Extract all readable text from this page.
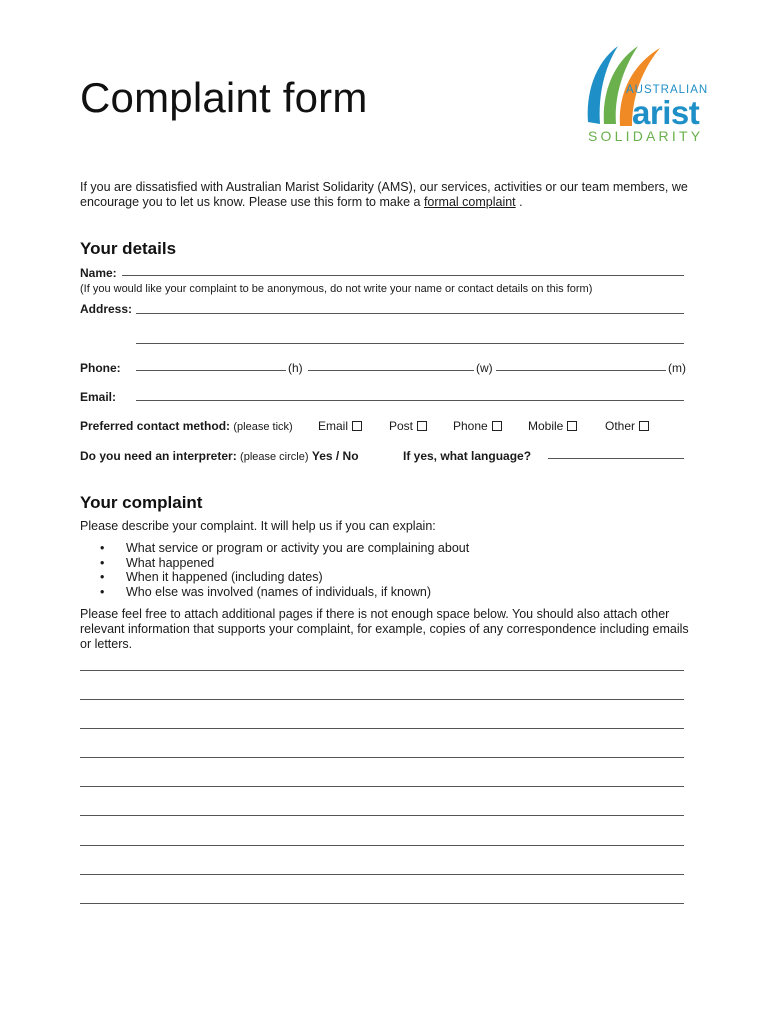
Complaint form	AUSTRALIAN
arist
SOLIDARITY
If you are dissatisfied with Australian Marist Solidarity (AMS), our services, activities or our team members, we encourage you to let us know. Please use this form to make a formal complaint .
Your details
Name:
(If you would like your complaint to be anonymous, do not write your name or contact details on this form)
Address:
Phone:	(h)	(w)	(m)
Email:
Preferred contact method: (please tick) Email	Post	Phone	Mobile	Other
Do you need an interpreter: (please circle) Yes / No	If yes, what language?
Your complaint
Please describe your complaint. It will help us if you can explain:
• What service or program or activity you are complaining about
• What happened
• When it happened (including dates)
• Who else was involved (names of individuals, if known)
Please feel free to attach additional pages if there is not enough space below. You should also attach other relevant information that supports your complaint, for example, copies of any correspondence including emails or letters.
